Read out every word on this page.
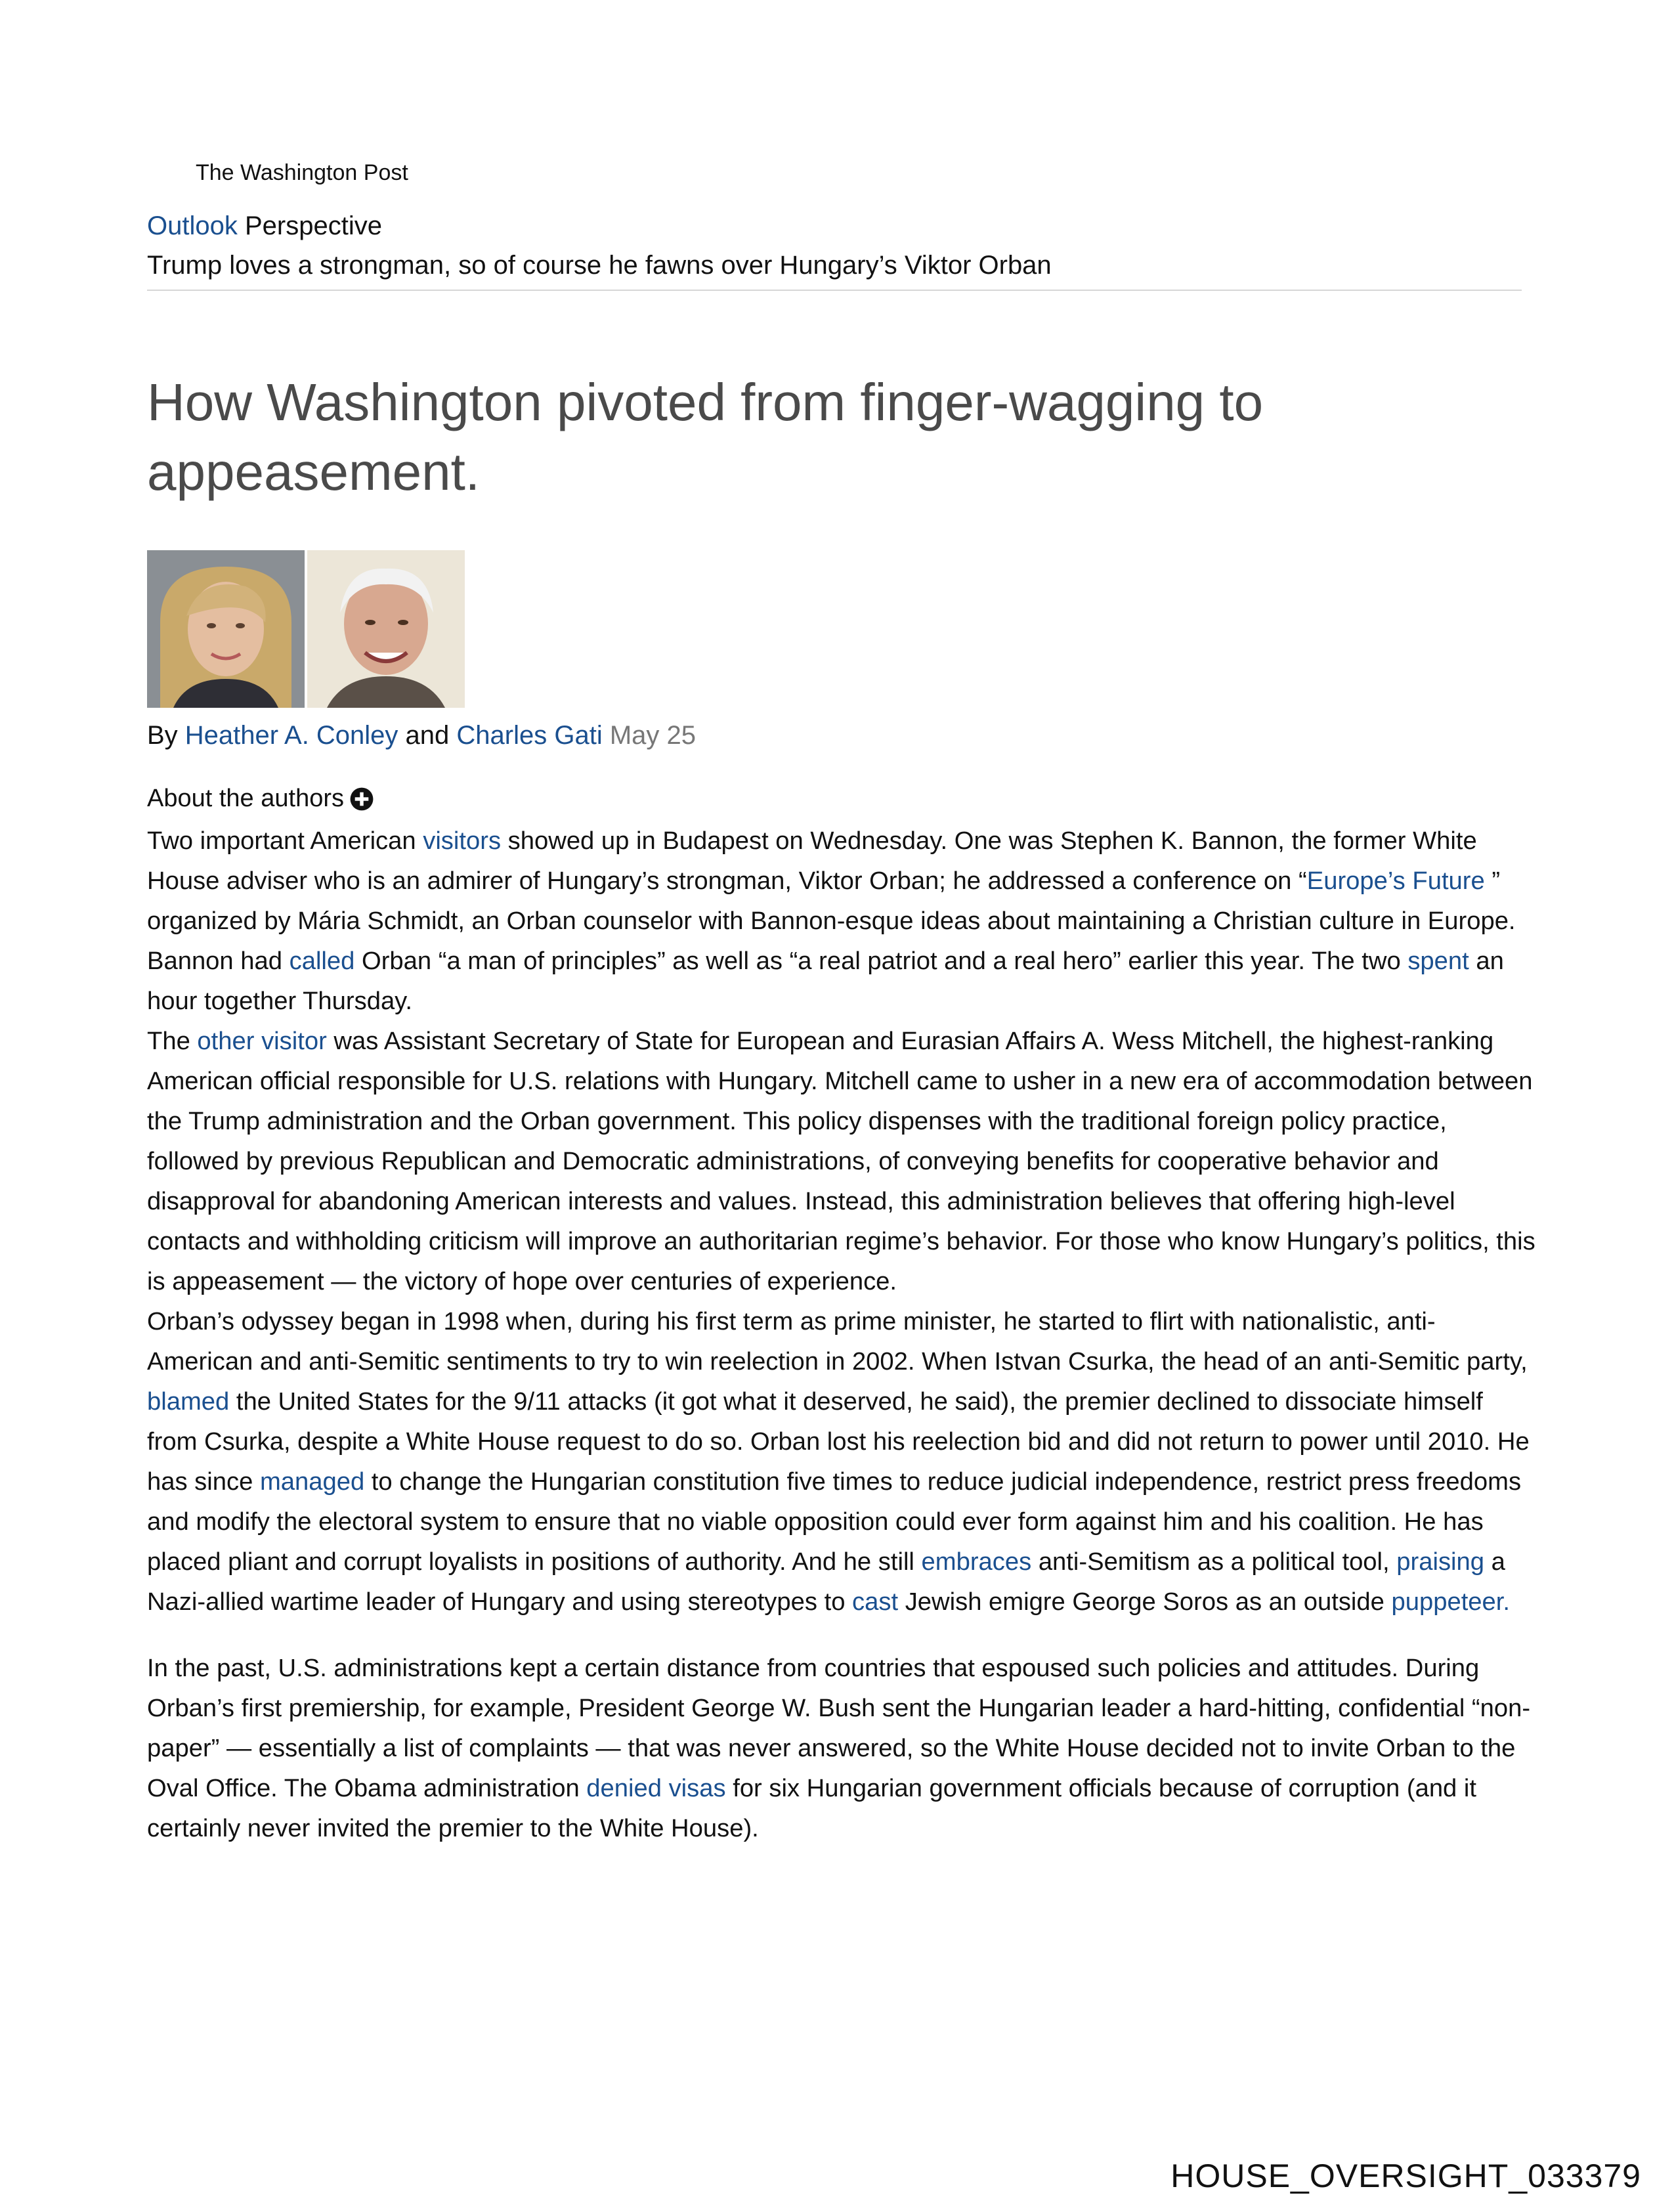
The Washington Post
Outlook Perspective
Trump loves a strongman, so of course he fawns over Hungary’s Viktor Orban
How Washington pivoted from finger-wagging to
appeasement.
By Heather A. Conley and Charles Gati May 25
About the authors

Two important American visitors showed up in Budapest on Wednesday. One was Stephen K. Bannon, the former White House adviser who is an admirer of Hungary’s strongman, Viktor Orban; he addressed a conference on “Europe’s Future ” organized by Mária Schmidt, an Orban counselor with Bannon-esque ideas about maintaining a Christian culture in Europe. Bannon had called Orban “a man of principles” as well as “a real patriot and a real hero” earlier this year. The two spent an hour together Thursday.

The other visitor was Assistant Secretary of State for European and Eurasian Affairs A. Wess Mitchell, the highest-ranking American official responsible for U.S. relations with Hungary. Mitchell came to usher in a new era of accommodation between the Trump administration and the Orban government. This policy dispenses with the traditional foreign policy practice, followed by previous Republican and Democratic administrations, of conveying benefits for cooperative behavior and disapproval for abandoning American interests and values. Instead, this administration believes that offering high-level contacts and withholding criticism will improve an authoritarian regime’s behavior. For those who know Hungary’s politics, this is appeasement — the victory of hope over centuries of experience.

Orban’s odyssey began in 1998 when, during his first term as prime minister, he started to flirt with nationalistic, anti-American and anti-Semitic sentiments to try to win reelection in 2002. When Istvan Csurka, the head of an anti-Semitic party, blamed the United States for the 9/11 attacks (it got what it deserved, he said), the premier declined to dissociate himself from Csurka, despite a White House request to do so. Orban lost his reelection bid and did not return to power until 2010. He has since managed to change the Hungarian constitution five times to reduce judicial independence, restrict press freedoms and modify the electoral system to ensure that no viable opposition could ever form against him and his coalition. He has placed pliant and corrupt loyalists in positions of authority. And he still embraces anti-Semitism as a political tool, praising a Nazi-allied wartime leader of Hungary and using stereotypes to cast Jewish emigre George Soros as an outside puppeteer.

In the past, U.S. administrations kept a certain distance from countries that espoused such policies and attitudes. During Orban’s first premiership, for example, President George W. Bush sent the Hungarian leader a hard-hitting, confidential “non-paper” — essentially a list of complaints — that was never answered, so the White House decided not to invite Orban to the Oval Office. The Obama administration denied visas for six Hungarian government officials because of corruption (and it certainly never invited the premier to the White House).

HOUSE_OVERSIGHT_033379
